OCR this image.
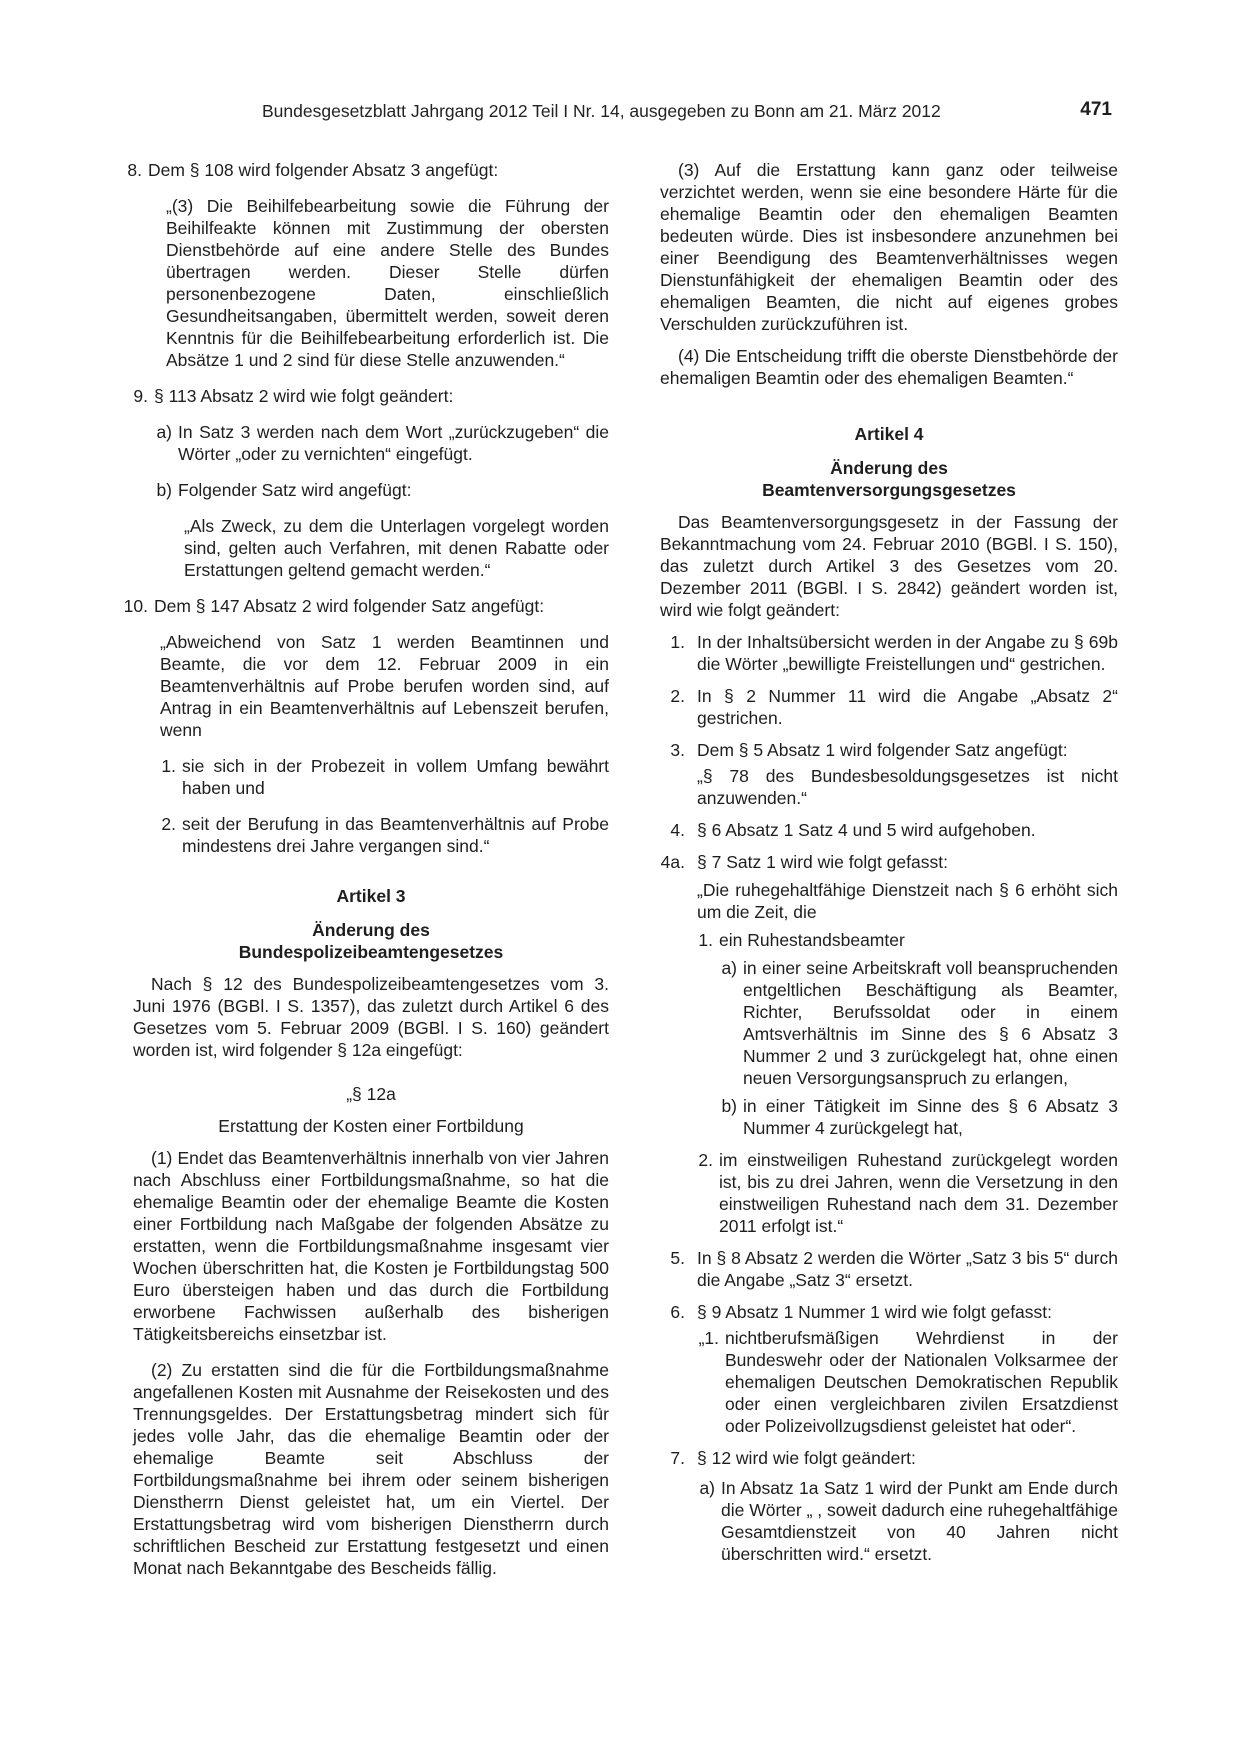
Bundesgesetzblatt Jahrgang 2012 Teil I Nr. 14, ausgegeben zu Bonn am 21. März 2012	471
8. Dem § 108 wird folgender Absatz 3 angefügt:

„(3) Die Beihilfebearbeitung sowie die Führung der Beihilfeakte können mit Zustimmung der obersten Dienstbehörde auf eine andere Stelle des Bundes übertragen werden. Dieser Stelle dürfen personenbezogene Daten, einschließlich Gesundheitsangaben, übermittelt werden, soweit deren Kenntnis für die Beihilfebearbeitung erforderlich ist. Die Absätze 1 und 2 sind für diese Stelle anzuwenden.“

9. § 113 Absatz 2 wird wie folgt geändert:

a) In Satz 3 werden nach dem Wort „zurückzugeben“ die Wörter „oder zu vernichten“ eingefügt.

b) Folgender Satz wird angefügt:

„Als Zweck, zu dem die Unterlagen vorgelegt worden sind, gelten auch Verfahren, mit denen Rabatte oder Erstattungen geltend gemacht werden.“

10. Dem § 147 Absatz 2 wird folgender Satz angefügt:

„Abweichend von Satz 1 werden Beamtinnen und Beamte, die vor dem 12. Februar 2009 in ein Beamtenverhältnis auf Probe berufen worden sind, auf Antrag in ein Beamtenverhältnis auf Lebenszeit berufen, wenn

1. sie sich in der Probezeit in vollem Umfang bewährt haben und

2. seit der Berufung in das Beamtenverhältnis auf Probe mindestens drei Jahre vergangen sind.“

Artikel 3

Änderung des

Bundespolizeibeamtengesetzes

Nach § 12 des Bundespolizeibeamtengesetzes vom 3. Juni 1976 (BGBl. I S. 1357), das zuletzt durch Artikel 6 des Gesetzes vom 5. Februar 2009 (BGBl. I S. 160) geändert worden ist, wird folgender § 12a eingefügt:

„§ 12a

Erstattung der Kosten einer Fortbildung

(1) Endet das Beamtenverhältnis innerhalb von vier Jahren nach Abschluss einer Fortbildungsmaßnahme, so hat die ehemalige Beamtin oder der ehemalige Beamte die Kosten einer Fortbildung nach Maßgabe der folgenden Absätze zu erstatten, wenn die Fortbildungsmaßnahme insgesamt vier Wochen überschritten hat, die Kosten je Fortbildungstag 500 Euro übersteigen haben und das durch die Fortbildung erworbene Fachwissen außerhalb des bisherigen Tätigkeitsbereichs einsetzbar ist.

(2) Zu erstatten sind die für die Fortbildungsmaßnahme angefallenen Kosten mit Ausnahme der Reisekosten und des Trennungsgeldes. Der Erstattungsbetrag mindert sich für jedes volle Jahr, das die ehemalige Beamtin oder der ehemalige Beamte seit Abschluss der Fortbildungsmaßnahme bei ihrem oder seinem bisherigen Dienstherrn Dienst geleistet hat, um ein Viertel. Der Erstattungsbetrag wird vom bisherigen Dienstherrn durch schriftlichen Bescheid zur Erstattung festgesetzt und einen Monat nach Bekanntgabe des Bescheids fällig.

(3) Auf die Erstattung kann ganz oder teilweise verzichtet werden, wenn sie eine besondere Härte für die ehemalige Beamtin oder den ehemaligen Beamten bedeuten würde. Dies ist insbesondere anzunehmen bei einer Beendigung des Beamtenverhältnisses wegen Dienstunfähigkeit der ehemaligen Beamtin oder des ehemaligen Beamten, die nicht auf eigenes grobes Verschulden zurückzuführen ist.

(4) Die Entscheidung trifft die oberste Dienstbehörde der ehemaligen Beamtin oder des ehemaligen Beamten.“

Artikel 4

Änderung des

Beamtenversorgungsgesetzes

Das Beamtenversorgungsgesetz in der Fassung der Bekanntmachung vom 24. Februar 2010 (BGBl. I S. 150), das zuletzt durch Artikel 3 des Gesetzes vom 20. Dezember 2011 (BGBl. I S. 2842) geändert worden ist, wird wie folgt geändert:

1. In der Inhaltsübersicht werden in der Angabe zu § 69b die Wörter „bewilligte Freistellungen und“ gestrichen.

2. In § 2 Nummer 11 wird die Angabe „Absatz 2“ gestrichen.

3. Dem § 5 Absatz 1 wird folgender Satz angefügt:

„§ 78 des Bundesbesoldungsgesetzes ist nicht anzuwenden.“

4. § 6 Absatz 1 Satz 4 und 5 wird aufgehoben.

4a. § 7 Satz 1 wird wie folgt gefasst:

„Die ruhegehaltfähige Dienstzeit nach § 6 erhöht sich um die Zeit, die

1. ein Ruhestandsbeamter

a) in einer seine Arbeitskraft voll beanspruchenden entgeltlichen Beschäftigung als Beamter, Richter, Berufssoldat oder in einem Amtsverhältnis im Sinne des § 6 Absatz 3 Nummer 2 und 3 zurückgelegt hat, ohne einen neuen Versorgungsanspruch zu erlangen,

b) in einer Tätigkeit im Sinne des § 6 Absatz 3 Nummer 4 zurückgelegt hat,

2. im einstweiligen Ruhestand zurückgelegt worden ist, bis zu drei Jahren, wenn die Versetzung in den einstweiligen Ruhestand nach dem 31. Dezember 2011 erfolgt ist.“

5. In § 8 Absatz 2 werden die Wörter „Satz 3 bis 5“ durch die Angabe „Satz 3“ ersetzt.

6. § 9 Absatz 1 Nummer 1 wird wie folgt gefasst:

„1. nichtberufsmäßigen Wehrdienst in der Bundeswehr oder der Nationalen Volksarmee der ehemaligen Deutschen Demokratischen Republik oder einen vergleichbaren zivilen Ersatzdienst oder Polizeivollzugsdienst geleistet hat oder“.

7. § 12 wird wie folgt geändert:

a) In Absatz 1a Satz 1 wird der Punkt am Ende durch die Wörter „ , soweit dadurch eine ruhegehaltfähige Gesamtdienstzeit von 40 Jahren nicht überschritten wird.“ ersetzt.
